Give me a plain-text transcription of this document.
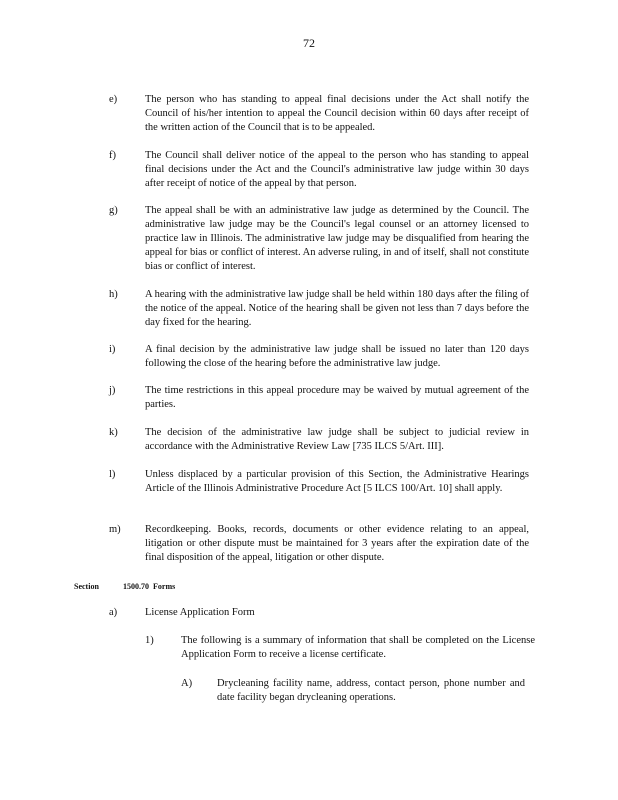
72
e)	The person who has standing to appeal final decisions under the Act shall notify the Council of his/her intention to appeal the Council decision within 60 days after receipt of the written action of the Council that is to be appealed.
f)	The Council shall deliver notice of the appeal to the person who has standing to appeal final decisions under the Act and the Council's administrative law judge within 30 days after receipt of notice of the appeal by that person.
g)	The appeal shall be with an administrative law judge as determined by the Council. The administrative law judge may be the Council's legal counsel or an attorney licensed to practice law in Illinois. The administrative law judge may be disqualified from hearing the appeal for bias or conflict of interest. An adverse ruling, in and of itself, shall not constitute bias or conflict of interest.
h)	A hearing with the administrative law judge shall be held within 180 days after the filing of the notice of the appeal. Notice of the hearing shall be given not less than 7 days before the day fixed for the hearing.
i)	A final decision by the administrative law judge shall be issued no later than 120 days following the close of the hearing before the administrative law judge.
j)	The time restrictions in this appeal procedure may be waived by mutual agreement of the parties.
k)	The decision of the administrative law judge shall be subject to judicial review in accordance with the Administrative Review Law [735 ILCS 5/Art. III].
l)	Unless displaced by a particular provision of this Section, the Administrative Hearings Article of the Illinois Administrative Procedure Act [5 ILCS 100/Art. 10] shall apply.
m) Recordkeeping. Books, records, documents or other evidence relating to an appeal, litigation or other dispute must be maintained for 3 years after the expiration date of the final disposition of the appeal, litigation or other dispute.
Section	1500.70 Forms
a)	License Application Form
1)	The following is a summary of information that shall be completed on the License Application Form to receive a license certificate.
A) Drycleaning facility name, address, contact person, phone number and date facility began drycleaning operations.
